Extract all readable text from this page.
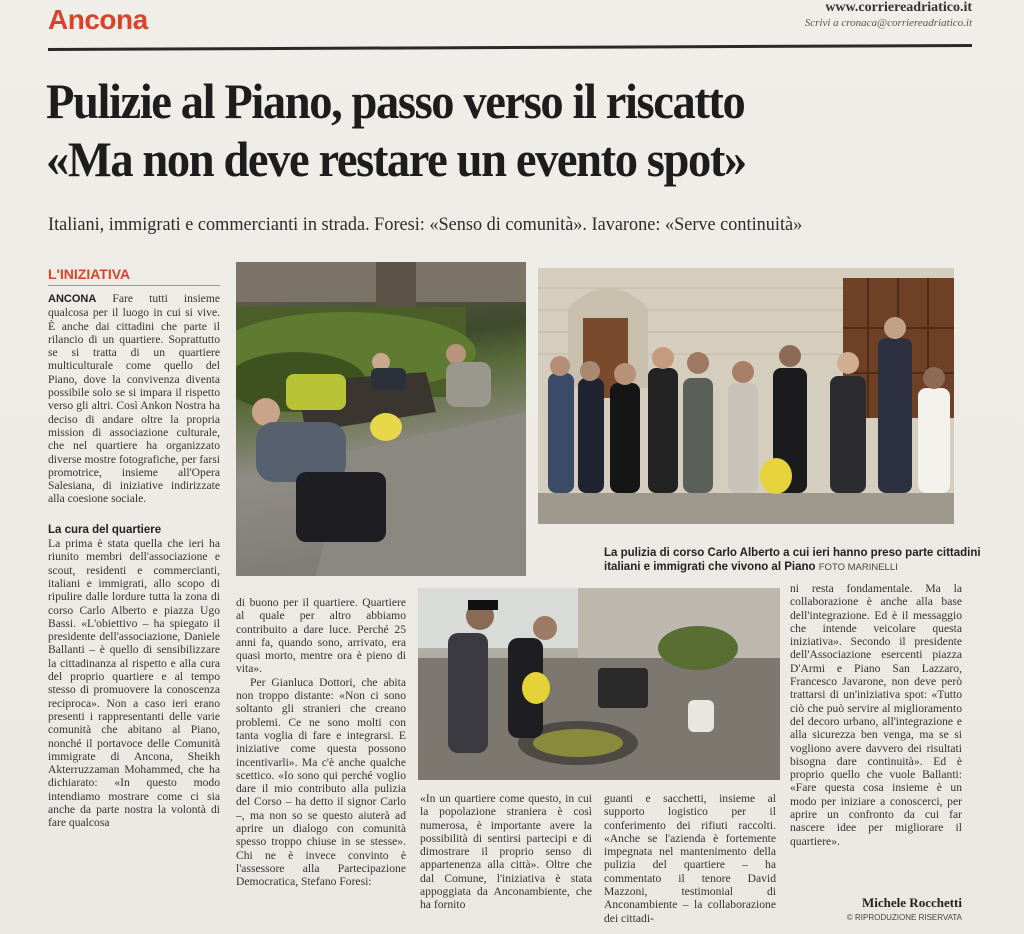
Ancona	www.corriereadriatico.it
Scrivi a cronaca@corriereadriatico.it
Pulizie al Piano, passo verso il riscatto
«Ma non deve restare un evento spot»
Italiani, immigrati e commercianti in strada. Foresi: «Senso di comunità». Iavarone: «Serve continuità»
L'INIZIATIVA

ANCONA Fare tutti insieme qualcosa per il luogo in cui si vive. È anche dai cittadini che parte il rilancio di un quartiere. Soprattutto se si tratta di un quartiere multiculturale come quello del Piano, dove la convivenza diventa possibile solo se si impara il rispetto verso gli altri. Così Ankon Nostra ha deciso di andare oltre la propria mission di associazione culturale, che nel quartiere ha organizzato diverse mostre fotografiche, per farsi promotrice, insieme all'Opera Salesiana, di iniziative indirizzate alla coesione sociale.

La cura del quartiere

La prima è stata quella che ieri ha riunito membri dell'associazione e scout, residenti e commercianti, italiani e immigrati, allo scopo di ripulire dalle lordure tutta la zona di corso Carlo Alberto e piazza Ugo Bassi. «L'obiettivo – ha spiegato il presidente dell'associazione, Daniele Ballanti – è quello di sensibilizzare la cittadinanza al rispetto e alla cura del proprio quartiere e al tempo stesso di promuovere la conoscenza reciproca». Non a caso ieri erano presenti i rappresentanti delle varie comunità che abitano al Piano, nonché il portavoce delle Comunità immigrate di Ancona, Sheikh Akterruzzaman Mohammed, che ha dichiarato: «In questo modo intendiamo mostrare come ci sia anche da parte nostra la volontà di fare qualcosa

La pulizia di corso Carlo Alberto a cui ieri hanno preso parte cittadini italiani e immigrati che vivono al Piano FOTO MARINELLI

di buono per il quartiere. Quartiere al quale per altro abbiamo contribuito a dare luce. Perché 25 anni fa, quando sono, arrivato, era quasi morto, mentre ora è pieno di vita».

Per Gianluca Dottori, che abita non troppo distante: «Non ci sono soltanto gli stranieri che creano problemi. Ce ne sono molti con tanta voglia di fare e integrarsi. E iniziative come questa possono incentivarli». Ma c'è anche qualche scettico. «Io sono qui perché voglio dare il mio contributo alla pulizia del Corso – ha detto il signor Carlo –, ma non so se questo aiuterà ad aprire un dialogo con comunità spesso troppo chiuse in se stesse». Chi ne è invece convinto è l'assessore alla Partecipazione Democratica, Stefano Foresi:

«In un quartiere come questo, in cui la popolazione straniera è così numerosa, è importante avere la possibilità di sentirsi partecipi e di dimostrare il proprio senso di appartenenza alla città». Oltre che dal Comune, l'iniziativa è stata appoggiata da Anconambiente, che ha fornito

guanti e sacchetti, insieme al supporto logistico per il conferimento dei rifiuti raccolti. «Anche se l'azienda è fortemente impegnata nel mantenimento della pulizia del quartiere – ha commentato il tenore David Mazzoni, testimonial di Anconambiente – la collaborazione dei cittadi-

ni resta fondamentale. Ma la collaborazione è anche alla base dell'integrazione. Ed è il messaggio che intende veicolare questa iniziativa». Secondo il presidente dell'Associazione esercenti piazza D'Armi e Piano San Lazzaro, Francesco Javarone, non deve però trattarsi di un'iniziativa spot: «Tutto ciò che può servire al miglioramento del decoro urbano, all'integrazione e alla sicurezza ben venga, ma se si vogliono avere davvero dei risultati bisogna dare continuità». Ed è proprio quello che vuole Ballanti: «Fare questa cosa insieme è un modo per iniziare a conoscerci, per aprire un confronto da cui far nascere idee per migliorare il quartiere».

Michele Rocchetti
© RIPRODUZIONE RISERVATA
